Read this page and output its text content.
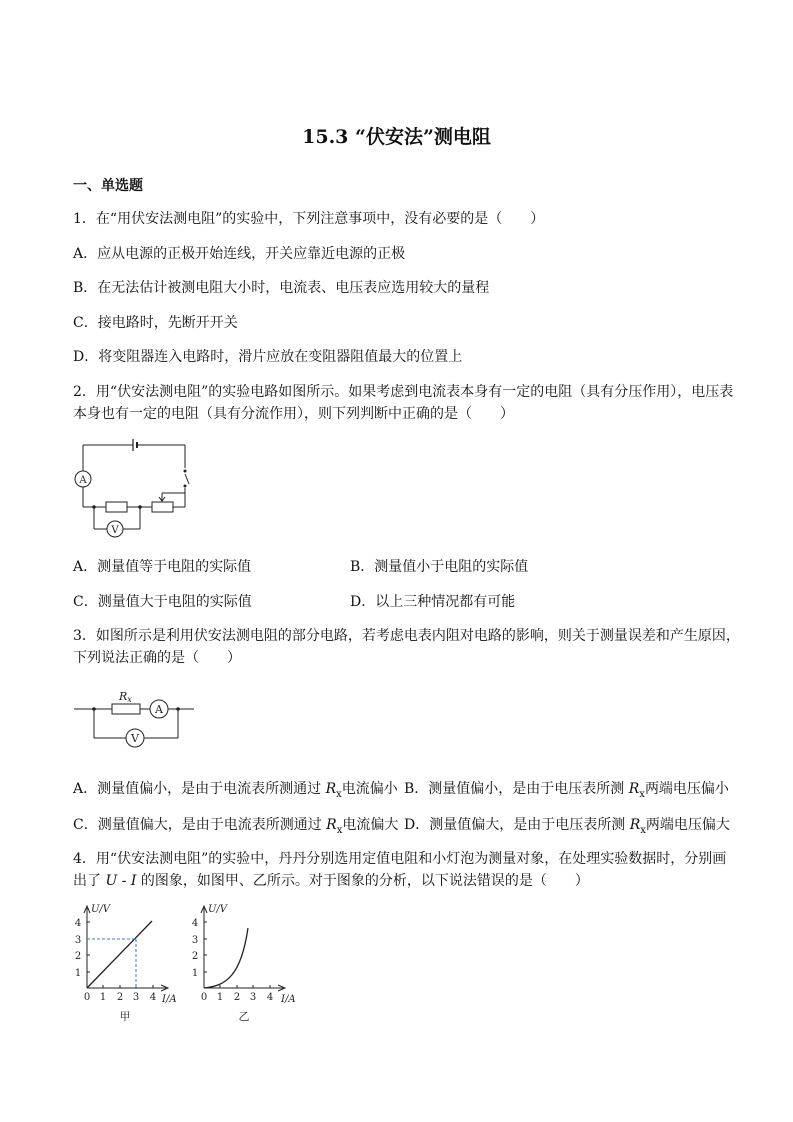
15.3 “伏安法”测电阻
一、单选题
1．在“用伏安法测电阻”的实验中，下列注意事项中，没有必要的是（　　）
A．应从电源的正极开始连线，开关应靠近电源的正极
B．在无法估计被测电阻大小时，电流表、电压表应选用较大的量程
C．接电路时，先断开开关
D．将变阻器连入电路时，滑片应放在变阻器阻值最大的位置上
2．用“伏安法测电阻”的实验电路如图所示。如果考虑到电流表本身有一定的电阻（具有分压作用），电压表
本身也有一定的电阻（具有分流作用），则下列判断中正确的是（　　）
A
V
A．测量值等于电阻的实际值	B．测量值小于电阻的实际值
C．测量值大于电阻的实际值	D．以上三种情况都有可能
3．如图所示是利用伏安法测电阻的部分电路，若考虑电表内阻对电路的影响，则关于测量误差和产生原因，
下列说法正确的是（　　）
Rx
A
V
A．测量值偏小，是由于电流表所测通过 $R_x$电流偏小 B．测量值偏小，是由于电压表所测 $R_x$两端电压偏小
C．测量值偏大，是由于电流表所测通过 $R_x$电流偏大 D．测量值偏大，是由于电压表所测 $R_x$两端电压偏大
4．用“伏安法测电阻”的实验中，丹丹分别选用定值电阻和小灯泡为测量对象，在处理实验数据时，分别画
出了 U - I 的图象，如图甲、乙所示。对于图象的分析，以下说法错误的是（　　）
U/V
1
2
3
4
0 1 2 3 4 I/A
甲
U/V
1
2
3
4
0 1 2 3 4 I/A
乙
